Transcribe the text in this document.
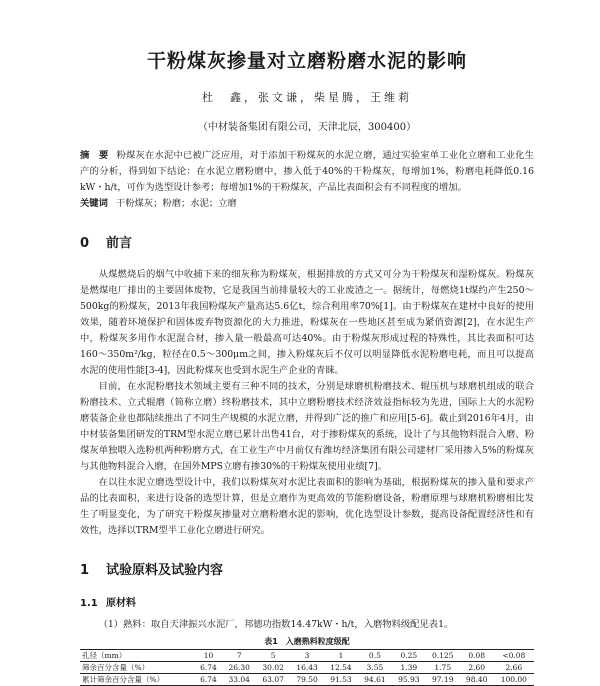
干粉煤灰掺量对立磨粉磨水泥的影响
杜　鑫，张文谦，柴星腾，王维莉
（中材装备集团有限公司，天津北辰，300400）
摘　要 粉煤灰在水泥中已被广泛应用，对于添加干粉煤灰的水泥立磨，通过实验室单工业化立磨和工业化生产的分析，得到如下结论：在水泥立磨粉磨中，掺入低于40%的干粉煤灰，每增加1%，粉磨电耗降低0.16 kW・h/t，可作为选型设计参考；每增加1%的干粉煤灰，产品比表面积会有不同程度的增加。
关键词 干粉煤灰；粉磨；水泥；立磨
0 前言

从煤燃烧后的烟气中收捕下来的细灰称为粉煤灰，根据排放的方式又可分为干粉煤灰和湿粉煤灰。粉煤灰是燃煤电厂排出的主要固体废物，它是我国当前排量较大的工业废渣之一。据统计，每燃烧1t煤约产生250～500kg的粉煤灰，2013年我国粉煤灰产量高达5.6亿t，综合利用率70%[1]。由于粉煤灰在建材中良好的使用效果，随着环境保护和固体废弃物资源化的大力推进，粉煤灰在一些地区甚至成为紧俏资源[2]，在水泥生产中，粉煤灰多用作水泥混合材，掺入量一般最高可达40%。由于粉煤灰形成过程的特殊性，其比表面积可达160～350m²/kg，粒径在0.5～300μm之间，掺入粉煤灰后不仅可以明显降低水泥粉磨电耗，而且可以提高水泥的使用性能[3-4]，因此粉煤灰也受到水泥生产企业的青睐。

目前，在水泥粉磨技术领域主要有三种不同的技术，分别是球磨机粉磨技术、辊压机与球磨机组成的联合粉磨技术、立式辊磨（简称立磨）终粉磨技术，其中立磨粉磨技术经济效益指标较为先进，国际上大的水泥粉磨装备企业也都陆续推出了不同生产规模的水泥立磨，并得到广泛的推广和应用[5-6]。截止到2016年4月，由中材装备集团研发的TRM型水泥立磨已累计出售41台，对于掺粉煤灰的系统，设计了与其他物料混合入磨、粉煤灰单独喂入选粉机两种粉磨方式，在工业生产中月前仅有潍坊经济集团有限公司建材厂采用掺入5%的粉煤灰与其他物料混合入磨，在国外MPS立磨有掺30%的干粉煤灰使用业绩[7]。

在以往水泥立磨选型设计中，我们以粉煤灰对水泥比表面积的影响为基础，根据粉煤灰的掺入量和要求产品的比表面积，来进行设备的选型计算，但是立磨作为更高效的节能粉磨设备，粉磨原理与球磨机粉磨相比发生了明显变化，为了研究干粉煤灰掺量对立磨粉磨水泥的影响，优化选型设计参数，提高设备配置经济性和有效性，选择以TRM型半工业化立磨进行研究。

1 试验原料及试验内容
1.1 原材料

（1）熟料：取自天津振兴水泥厂，邦德功指数14.47kW・h/t，入磨物料级配见表1。

表1　入磨熟料粒度级配
孔径（mm）	10	7	5	3	1	0.5	0.25	0.125	0.08	<0.08
筛余百分含量（%）	6.74	26.30	30.02	16.43	12.54	3.55	1.39	1.75	2.60	2.66
累计筛余百分含量（%）	6.74	33.04	63.07	79.50	91.53	94.61	95.93	97.19	98.40	100.00
